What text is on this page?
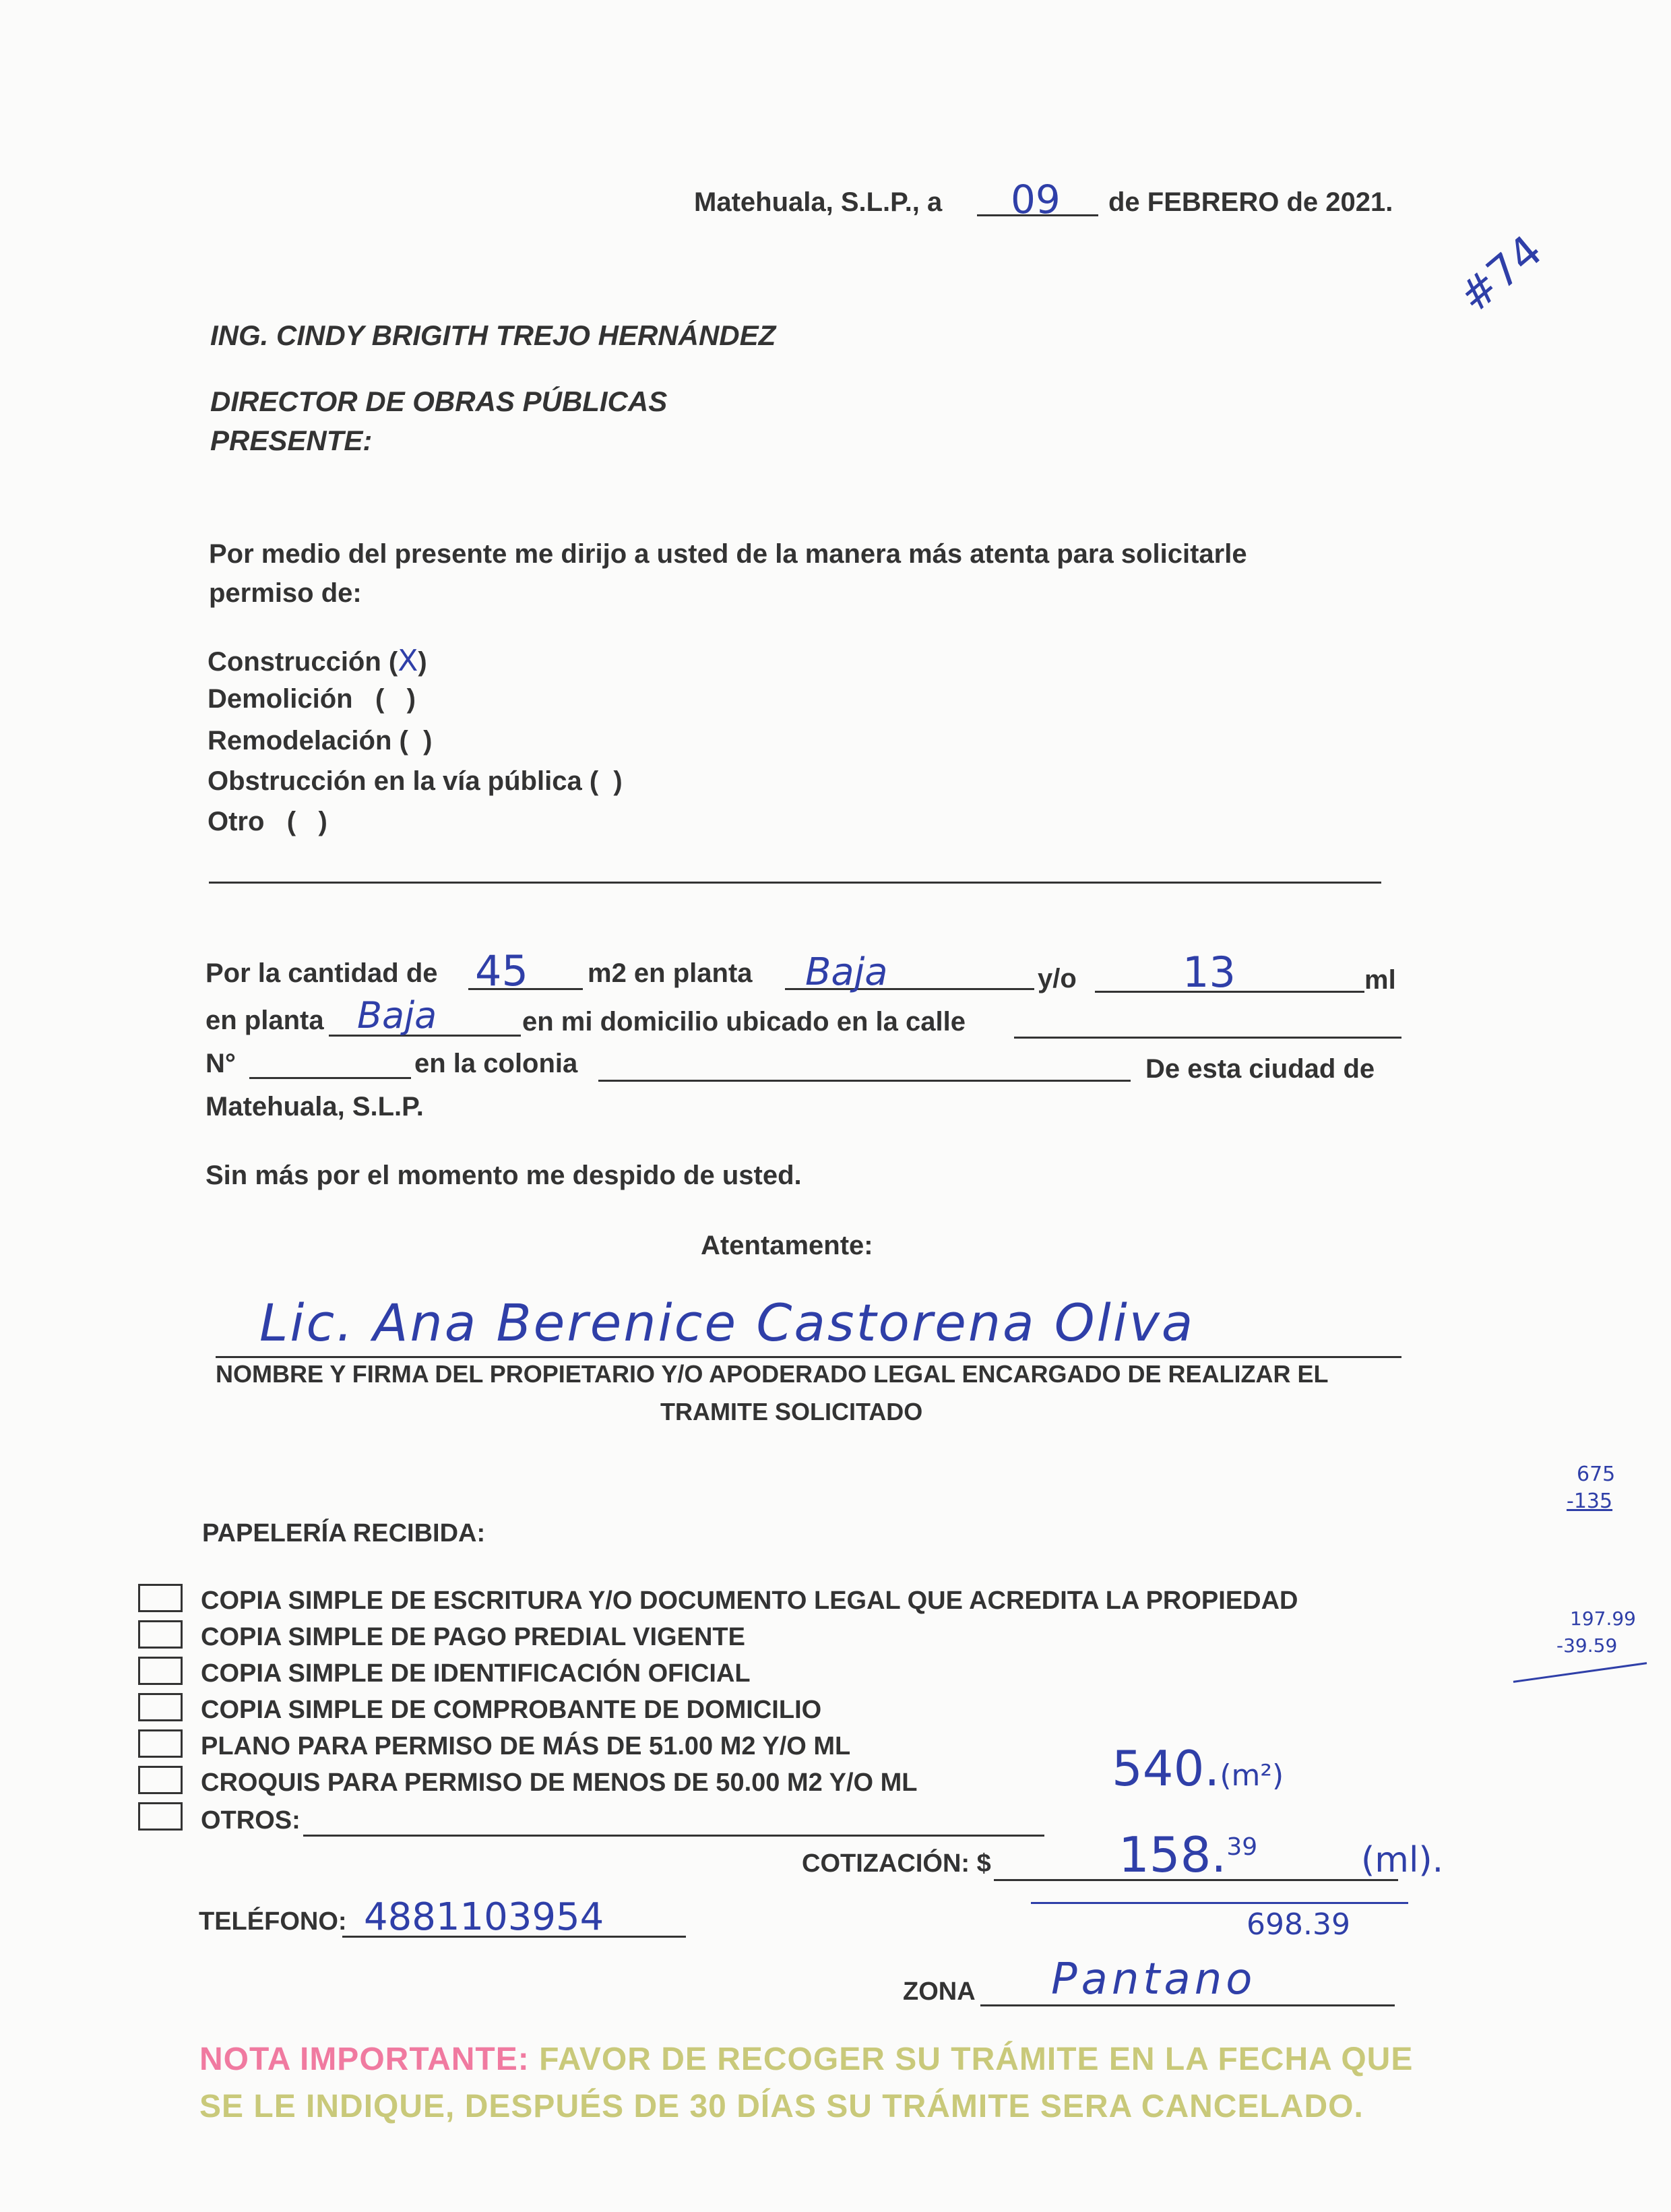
Matehuala, S.L.P., a 09 de FEBRERO de 2021.
#74
ING. CINDY BRIGITH TREJO HERNÁNDEZ
DIRECTOR DE OBRAS PÚBLICAS
PRESENTE:
Por medio del presente me dirijo a usted de la manera más atenta para solicitarle
permiso de:
Construcción (X)
Demolición (   )
Remodelación (  )
Obstrucción en la vía pública (  )
Otro (   )
Por la cantidad de 45 m2 en planta Baja	y/o	13	ml
en planta Baja	en mi domicilio ubicado en la calle
N°	en la colonia	De esta ciudad de
Matehuala, S.L.P.
Sin más por el momento me despido de usted.
Atentamente:
Lic. Ana Berenice Castorena Oliva
NOMBRE Y FIRMA DEL PROPIETARIO Y/O APODERADO LEGAL ENCARGADO DE REALIZAR EL
TRAMITE SOLICITADO
675
-135
197.99
-39.59
PAPELERÍA RECIBIDA:
COPIA SIMPLE DE ESCRITURA Y/O DOCUMENTO LEGAL QUE ACREDITA LA PROPIEDAD
COPIA SIMPLE DE PAGO PREDIAL VIGENTE
COPIA SIMPLE DE IDENTIFICACIÓN OFICIAL
COPIA SIMPLE DE COMPROBANTE DE DOMICILIO
PLANO PARA PERMISO DE MÁS DE 51.00 M2 Y/O ML
CROQUIS PARA PERMISO DE MENOS DE 50.00 M2 Y/O ML
OTROS:
540.(m²)
COTIZACIÓN: $	158.39	(ml).
698.39
TELÉFONO: 4881103954
ZONA Pantano
NOTA IMPORTANTE: FAVOR DE RECOGER SU TRÁMITE EN LA FECHA QUE
SE LE INDIQUE, DESPUÉS DE 30 DÍAS SU TRÁMITE SERA CANCELADO.
